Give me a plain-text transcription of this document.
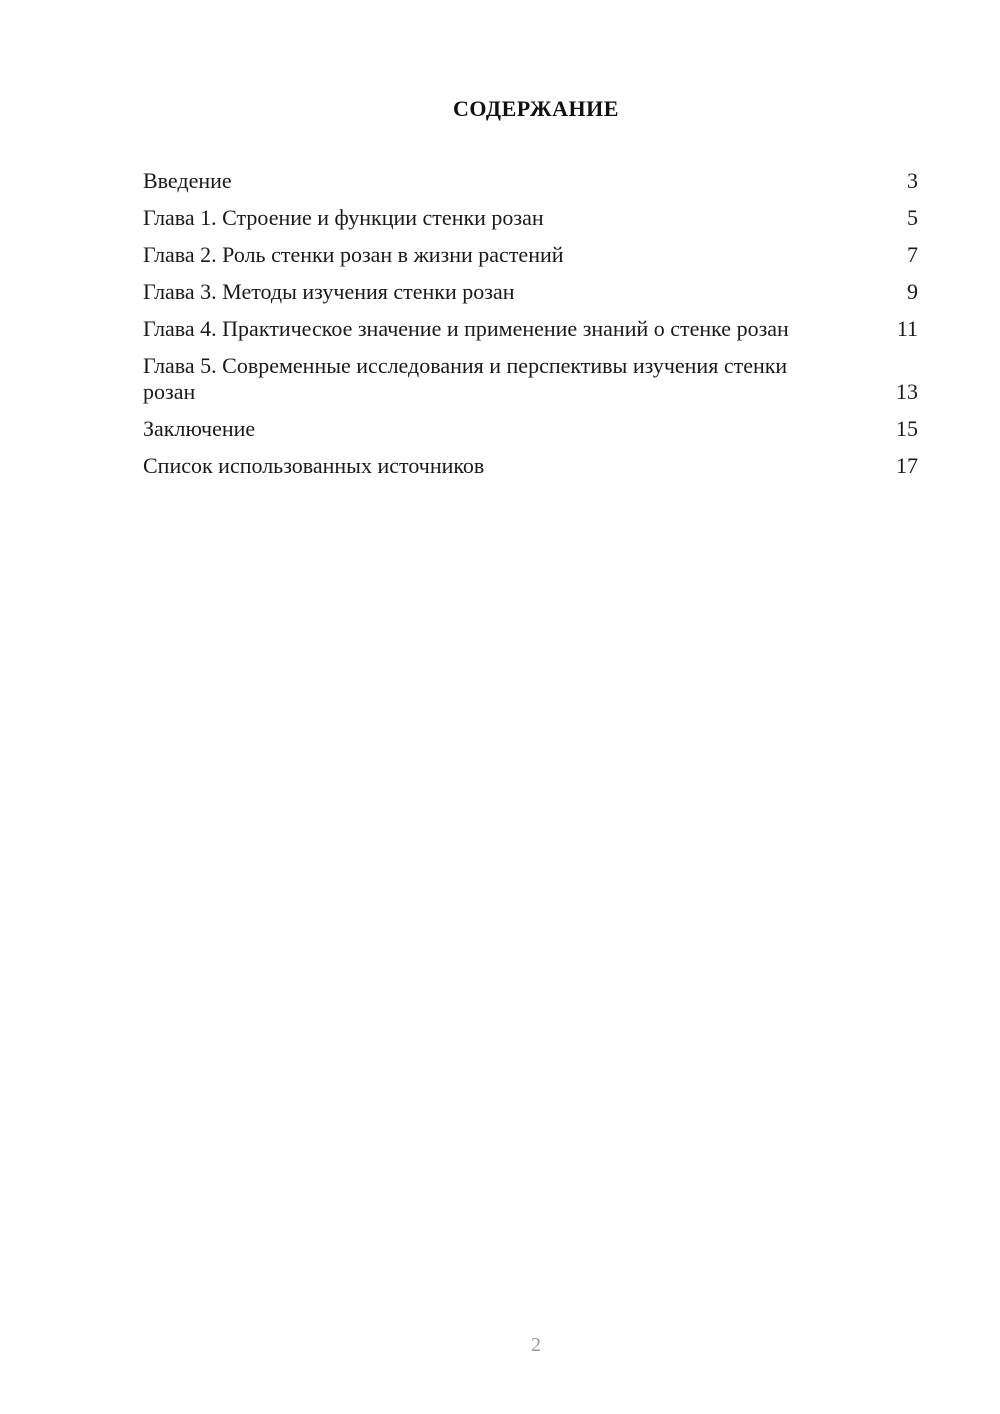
СОДЕРЖАНИЕ
Введение	3
Глава 1. Строение и функции стенки розан	5
Глава 2. Роль стенки розан в жизни растений	7
Глава 3. Методы изучения стенки розан	9
Глава 4. Практическое значение и применение знаний о стенке розан	11
Глава 5. Современные исследования и перспективы изучения стенки розан	13
Заключение	15
Список использованных источников	17
2
